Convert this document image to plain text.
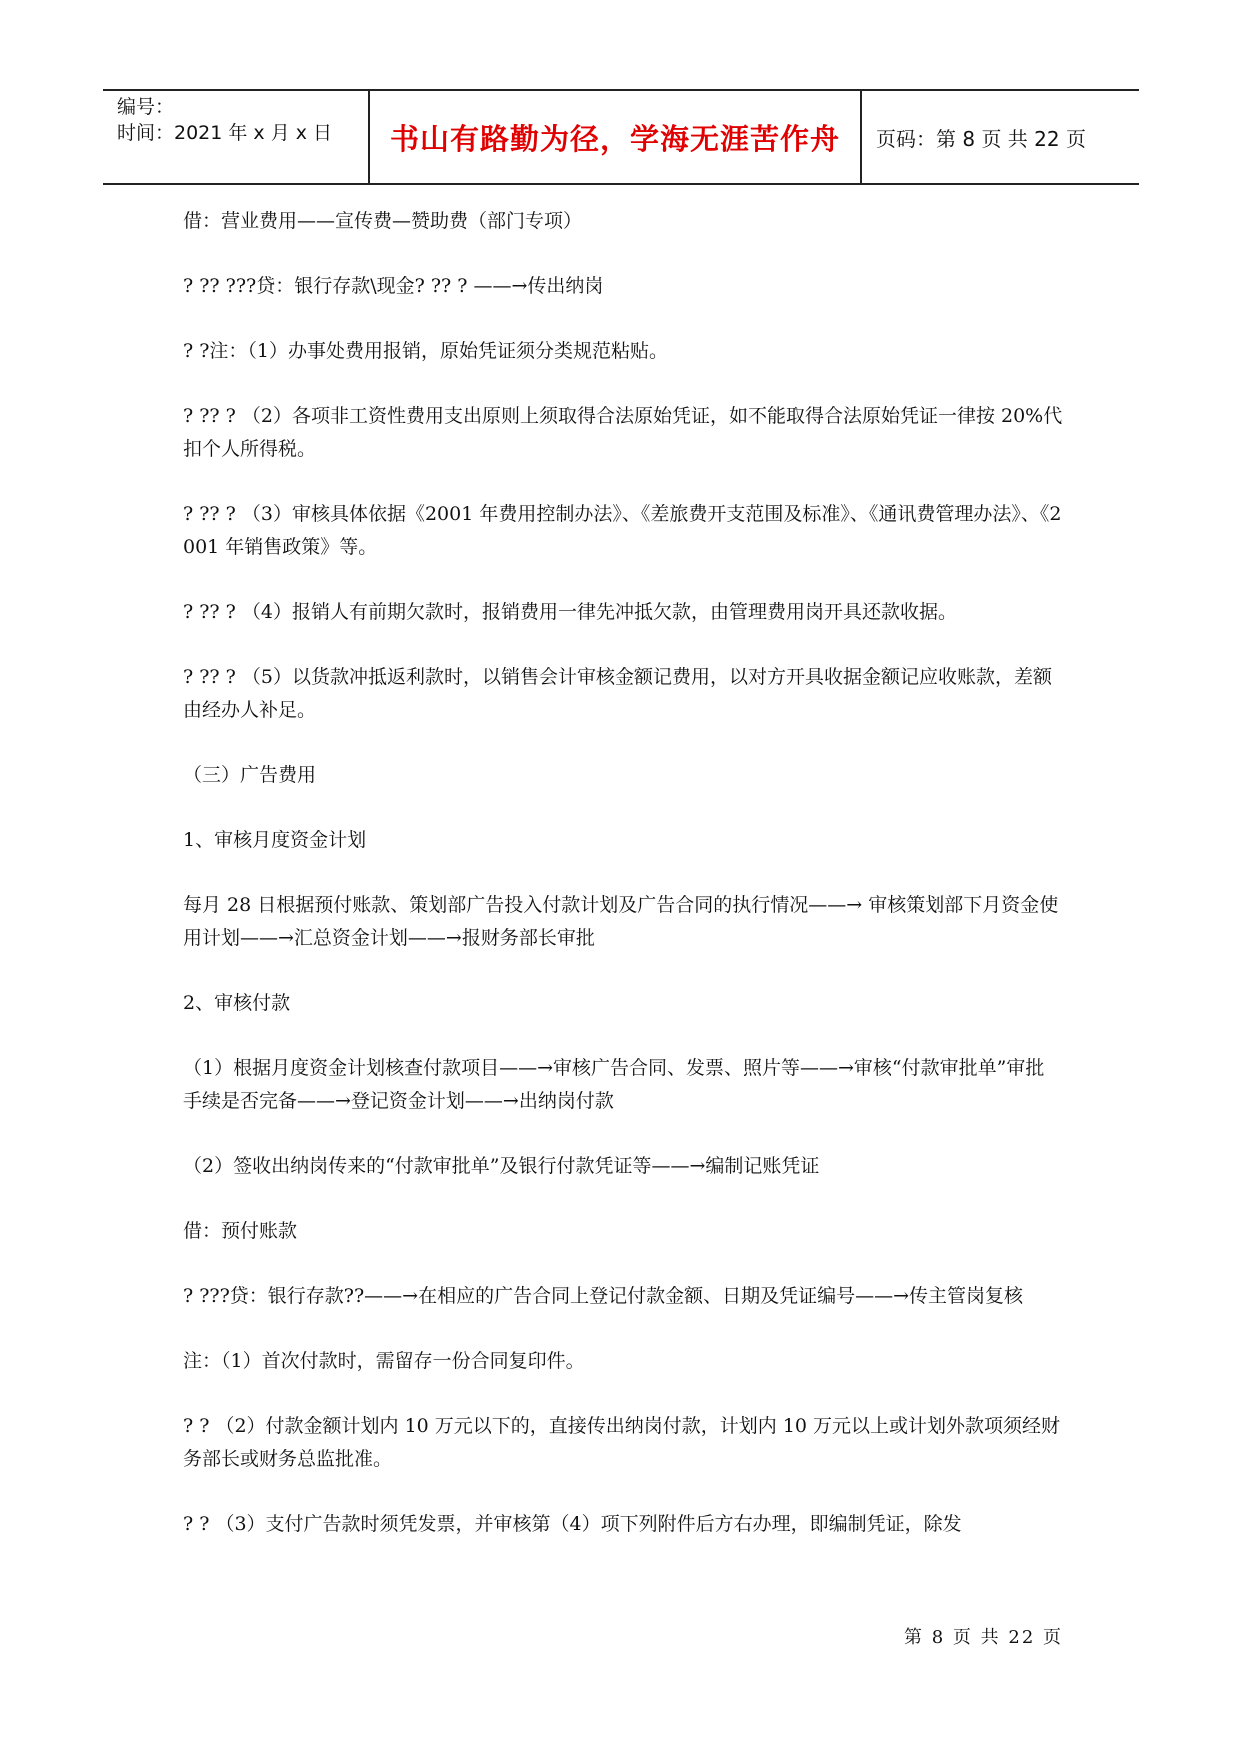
编号：
时间：2021 年 x 月 x 日	书山有路勤为径，学海无涯苦作舟	页码：第 8 页 共 22 页

借：营业费用——宣传费—赞助费（部门专项）

? ?? ???贷：银行存款\现金? ?? ? ——→传出纳岗

? ?注：（1）办事处费用报销，原始凭证须分类规范粘贴。

? ?? ? （2）各项非工资性费用支出原则上须取得合法原始凭证，如不能取得合法原始凭证一律按 20%代扣个人所得税。

? ?? ? （3）审核具体依据《2001 年费用控制办法》、《差旅费开支范围及标准》、《通讯费管理办法》、《2001 年销售政策》等。

? ?? ? （4）报销人有前期欠款时，报销费用一律先冲抵欠款，由管理费用岗开具还款收据。

? ?? ? （5）以货款冲抵返利款时，以销售会计审核金额记费用，以对方开具收据金额记应收账款，差额由经办人补足。

（三）广告费用

1、审核月度资金计划

每月 28 日根据预付账款、策划部广告投入付款计划及广告合同的执行情况——→ 审核策划部下月资金使用计划——→汇总资金计划——→报财务部长审批

2、审核付款

（1）根据月度资金计划核查付款项目——→审核广告合同、发票、照片等——→审核“付款审批单”审批手续是否完备——→登记资金计划——→出纳岗付款

（2）签收出纳岗传来的“付款审批单”及银行付款凭证等——→编制记账凭证

借：预付账款

? ???贷：银行存款??——→在相应的广告合同上登记付款金额、日期及凭证编号——→传主管岗复核

注：（1）首次付款时，需留存一份合同复印件。

? ? （2）付款金额计划内 10 万元以下的，直接传出纳岗付款，计划内 10 万元以上或计划外款项须经财务部长或财务总监批准。

? ? （3）支付广告款时须凭发票，并审核第（4）项下列附件后方右办理，即编制凭证，除发

第 8 页 共 22 页
